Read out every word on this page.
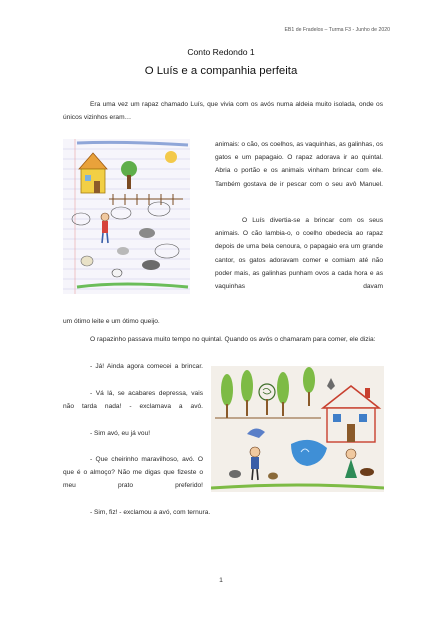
EB1 de Fradelos – Turma F3 - Junho de 2020
Conto Redondo 1
O Luís e a companhia perfeita

Era uma vez um rapaz chamado Luís, que vivia com os avós numa aldeia muito isolada, onde os únicos vizinhos eram…

animais: o cão, os coelhos, as vaquinhas, as galinhas, os gatos e um papagaio. O rapaz adorava ir ao quintal. Abria o portão e os animais vinham brincar com ele. Também gostava de ir pescar com o seu avô Manuel.

O Luís divertia-se a brincar com os seus animais. O cão lambia-o, o coelho obedecia ao rapaz depois de uma bela cenoura, o papagaio era um grande cantor, os gatos adoravam comer e comiam até não poder mais, as galinhas punham ovos a cada hora e as vaquinhas davam

um ótimo leite e um ótimo queijo.

O rapazinho passava muito tempo no quintal. Quando os avós o chamaram para comer, ele dizia:

- Já! Ainda agora comecei a brincar.

- Vá lá, se acabares depressa, vais não tarda nada! - exclamava a avó.

- Sim avó, eu já vou!

- Que cheirinho maravilhoso, avó. O que é o almoço? Não me digas que fizeste o meu prato preferido!

- Sim, fiz! - exclamou a avó, com ternura.

1
